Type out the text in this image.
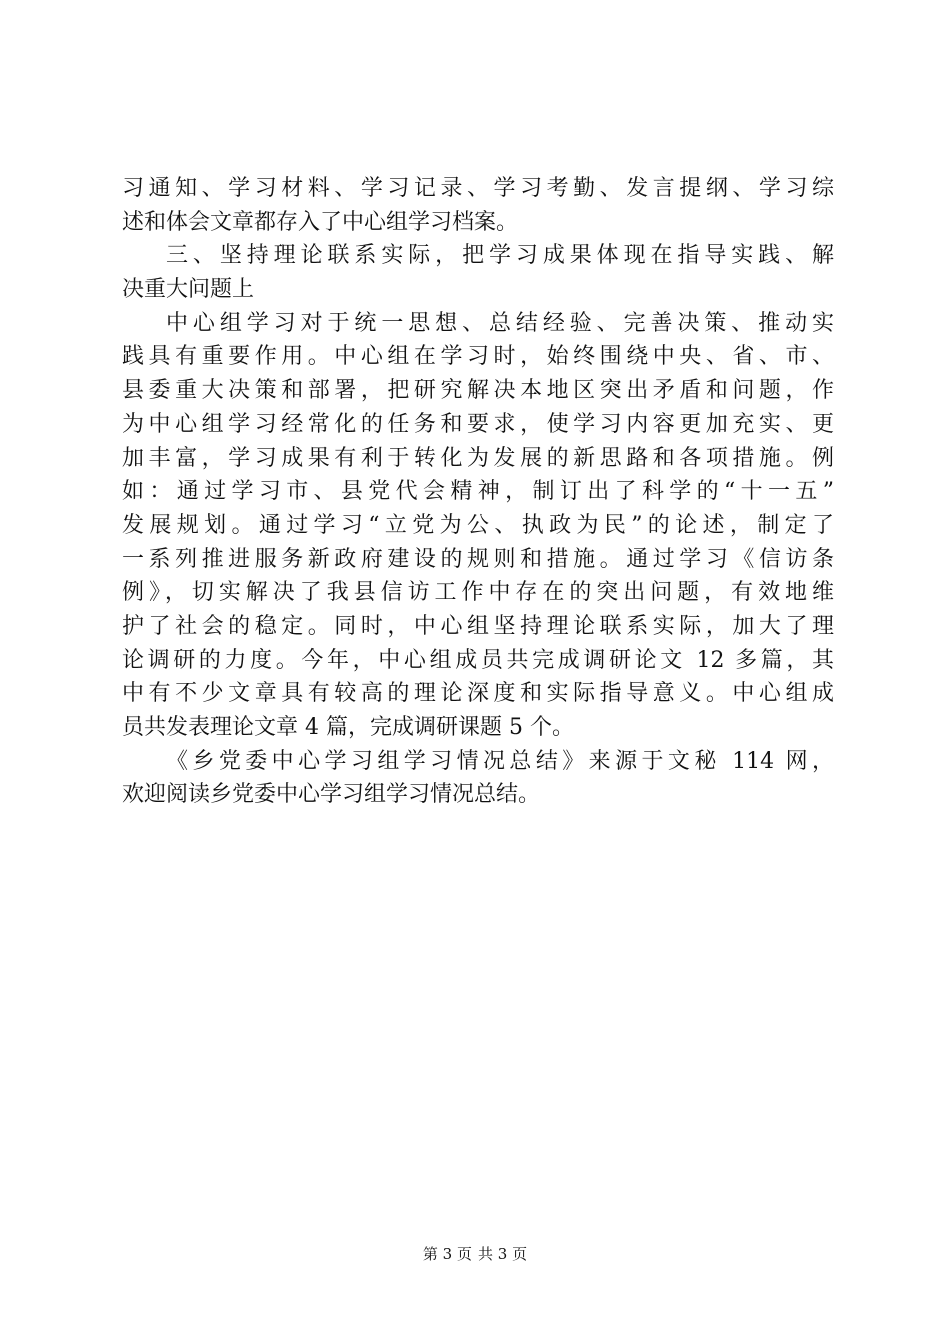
习通知、学习材料、学习记录、学习考勤、发言提纲、学习综
述和体会文章都存入了中心组学习档案。
三、坚持理论联系实际，把学习成果体现在指导实践、解
决重大问题上
中心组学习对于统一思想、总结经验、完善决策、推动实
践具有重要作用。中心组在学习时，始终围绕中央、省、市、
县委重大决策和部署，把研究解决本地区突出矛盾和问题，作
为中心组学习经常化的任务和要求，使学习内容更加充实、更
加丰富，学习成果有利于转化为发展的新思路和各项措施。例
如：通过学习市、县党代会精神，制订出了科学的“十一五”
发展规划。通过学习“立党为公、执政为民”的论述，制定了
一系列推进服务新政府建设的规则和措施。通过学习《信访条
例》，切实解决了我县信访工作中存在的突出问题，有效地维
护了社会的稳定。同时，中心组坚持理论联系实际，加大了理
论调研的力度。今年，中心组成员共完成调研论文 12 多篇，其
中有不少文章具有较高的理论深度和实际指导意义。中心组成
员共发表理论文章 4 篇，完成调研课题 5 个。
《乡党委中心学习组学习情况总结》来源于文秘 114 网，
欢迎阅读乡党委中心学习组学习情况总结。
第 3 页 共 3 页
